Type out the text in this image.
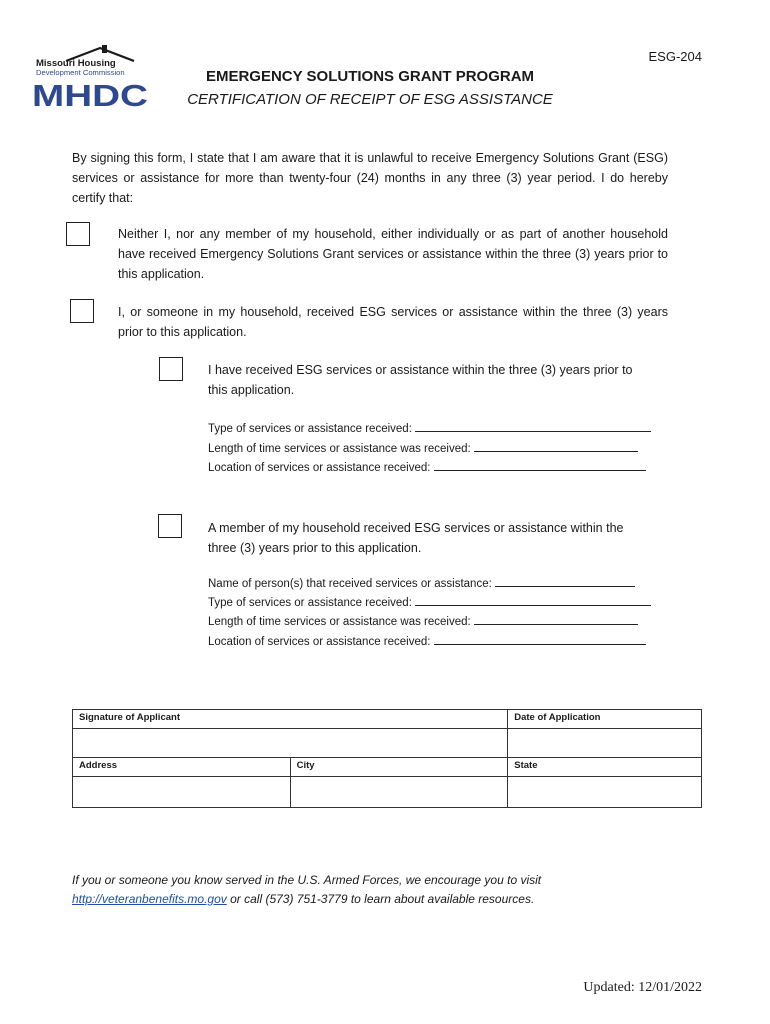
Missouri Housing
Development Commission
MHDC
ESG-204
EMERGENCY SOLUTIONS GRANT PROGRAM
CERTIFICATION OF RECEIPT OF ESG ASSISTANCE
By signing this form, I state that I am aware that it is unlawful to receive Emergency Solutions Grant (ESG) services or assistance for more than twenty-four (24) months in any three (3) year period. I do hereby certify that:
Neither I, nor any member of my household, either individually or as part of another household have received Emergency Solutions Grant services or assistance within the three (3) years prior to this application.
I, or someone in my household, received ESG services or assistance within the three (3) years prior to this application.
I have received ESG services or assistance within the three (3) years prior to this application.
Type of services or assistance received:
Length of time services or assistance was received:
Location of services or assistance received:
A member of my household received ESG services or assistance within the three (3) years prior to this application.
Name of person(s) that received services or assistance:
Type of services or assistance received:
Length of time services or assistance was received:
Location of services or assistance received:
Signature of Applicant		Date of Application

Address	City	State

If you or someone you know served in the U.S. Armed Forces, we encourage you to visit
http://veteranbenefits.mo.gov or call (573) 751-3779 to learn about available resources.
Updated: 12/01/2022
